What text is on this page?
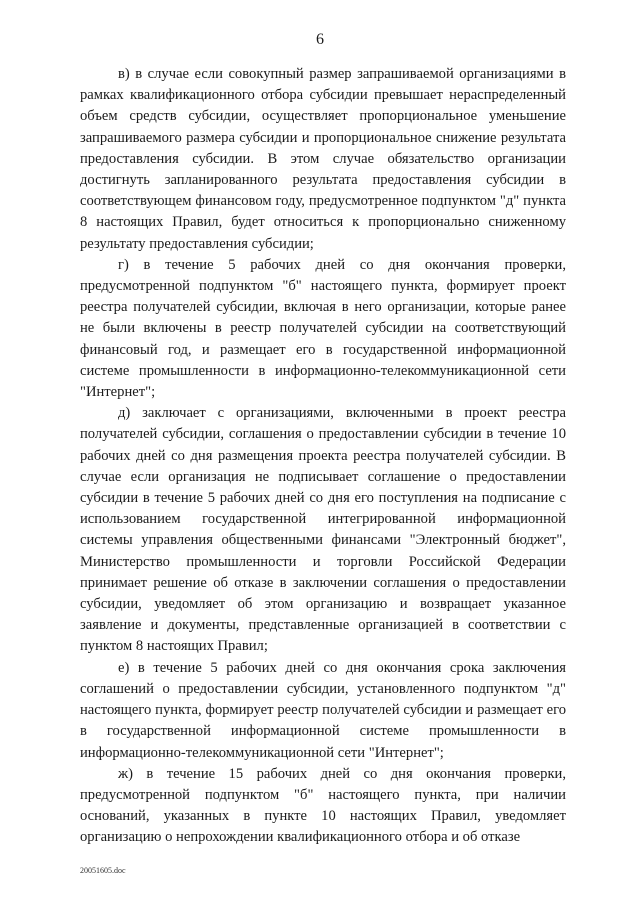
6

в) в случае если совокупный размер запрашиваемой организациями в рамках квалификационного отбора субсидии превышает нераспределенный объем средств субсидии, осуществляет пропорциональное уменьшение запрашиваемого размера субсидии и пропорциональное снижение результата предоставления субсидии. В этом случае обязательство организации достигнуть запланированного результата предоставления субсидии в соответствующем финансовом году, предусмотренное подпунктом "д" пункта 8 настоящих Правил, будет относиться к пропорционально сниженному результату предоставления субсидии;

г) в течение 5 рабочих дней со дня окончания проверки, предусмотренной подпунктом "б" настоящего пункта, формирует проект реестра получателей субсидии, включая в него организации, которые ранее не были включены в реестр получателей субсидии на соответствующий финансовый год, и размещает его в государственной информационной системе промышленности в информационно-телекоммуникационной сети "Интернет";

д) заключает с организациями, включенными в проект реестра получателей субсидии, соглашения о предоставлении субсидии в течение 10 рабочих дней со дня размещения проекта реестра получателей субсидии. В случае если организация не подписывает соглашение о предоставлении субсидии в течение 5 рабочих дней со дня его поступления на подписание с использованием государственной интегрированной информационной системы управления общественными финансами "Электронный бюджет", Министерство промышленности и торговли Российской Федерации принимает решение об отказе в заключении соглашения о предоставлении субсидии, уведомляет об этом организацию и возвращает указанное заявление и документы, представленные организацией в соответствии с пунктом 8 настоящих Правил;

е) в течение 5 рабочих дней со дня окончания срока заключения соглашений о предоставлении субсидии, установленного подпунктом "д" настоящего пункта, формирует реестр получателей субсидии и размещает его в государственной информационной системе промышленности в информационно-телекоммуникационной сети "Интернет";

ж) в течение 15 рабочих дней со дня окончания проверки, предусмотренной подпунктом "б" настоящего пункта, при наличии оснований, указанных в пункте 10 настоящих Правил, уведомляет организацию о непрохождении квалификационного отбора и об отказе

20051605.doc
